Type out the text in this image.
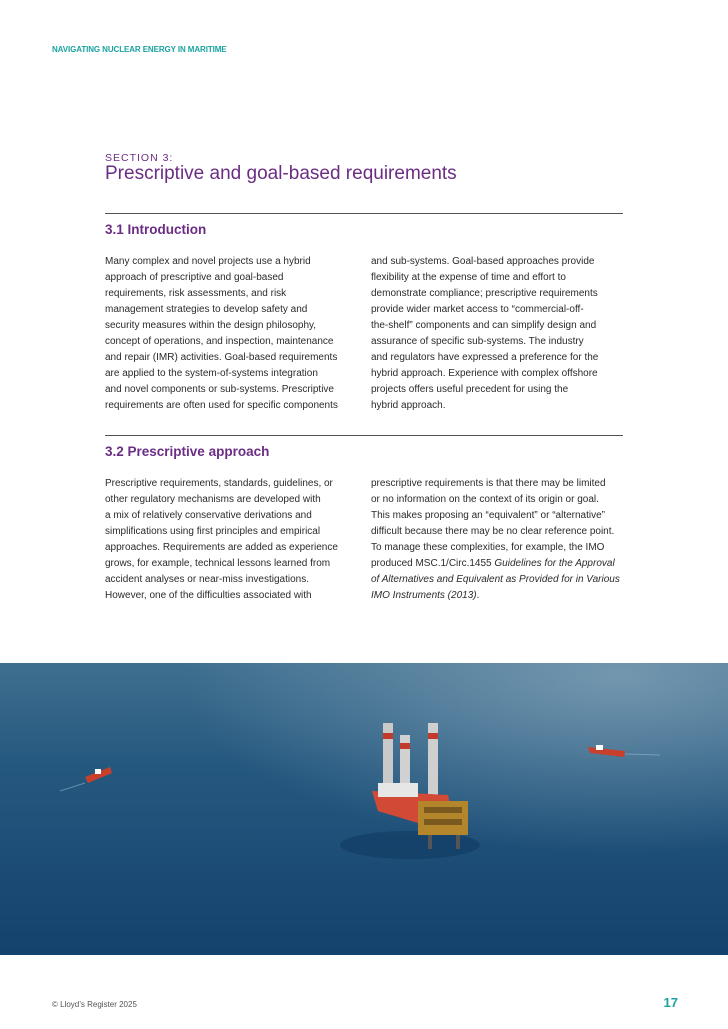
NAVIGATING NUCLEAR ENERGY IN MARITIME
SECTION 3:
Prescriptive and goal-based requirements
3.1 Introduction
Many complex and novel projects use a hybrid
approach of prescriptive and goal-based
requirements, risk assessments, and risk
management strategies to develop safety and
security measures within the design philosophy,
concept of operations, and inspection, maintenance
and repair (IMR) activities. Goal-based requirements
are applied to the system-of-systems integration
and novel components or sub-systems. Prescriptive
requirements are often used for specific components
and sub-systems. Goal-based approaches provide
flexibility at the expense of time and effort to
demonstrate compliance; prescriptive requirements
provide wider market access to “commercial-off-
the-shelf” components and can simplify design and
assurance of specific sub-systems. The industry
and regulators have expressed a preference for the
hybrid approach. Experience with complex offshore
projects offers useful precedent for using the
hybrid approach.
3.2 Prescriptive approach
Prescriptive requirements, standards, guidelines, or
other regulatory mechanisms are developed with
a mix of relatively conservative derivations and
simplifications using first principles and empirical
approaches. Requirements are added as experience
grows, for example, technical lessons learned from
accident analyses or near-miss investigations.
However, one of the difficulties associated with
prescriptive requirements is that there may be limited
or no information on the context of its origin or goal.
This makes proposing an “equivalent” or “alternative”
difficult because there may be no clear reference point.
To manage these complexities, for example, the IMO
produced MSC.1/Circ.1455 Guidelines for the Approval
of Alternatives and Equivalent as Provided for in Various
IMO Instruments (2013).
© Lloyd’s Register 2025	17
